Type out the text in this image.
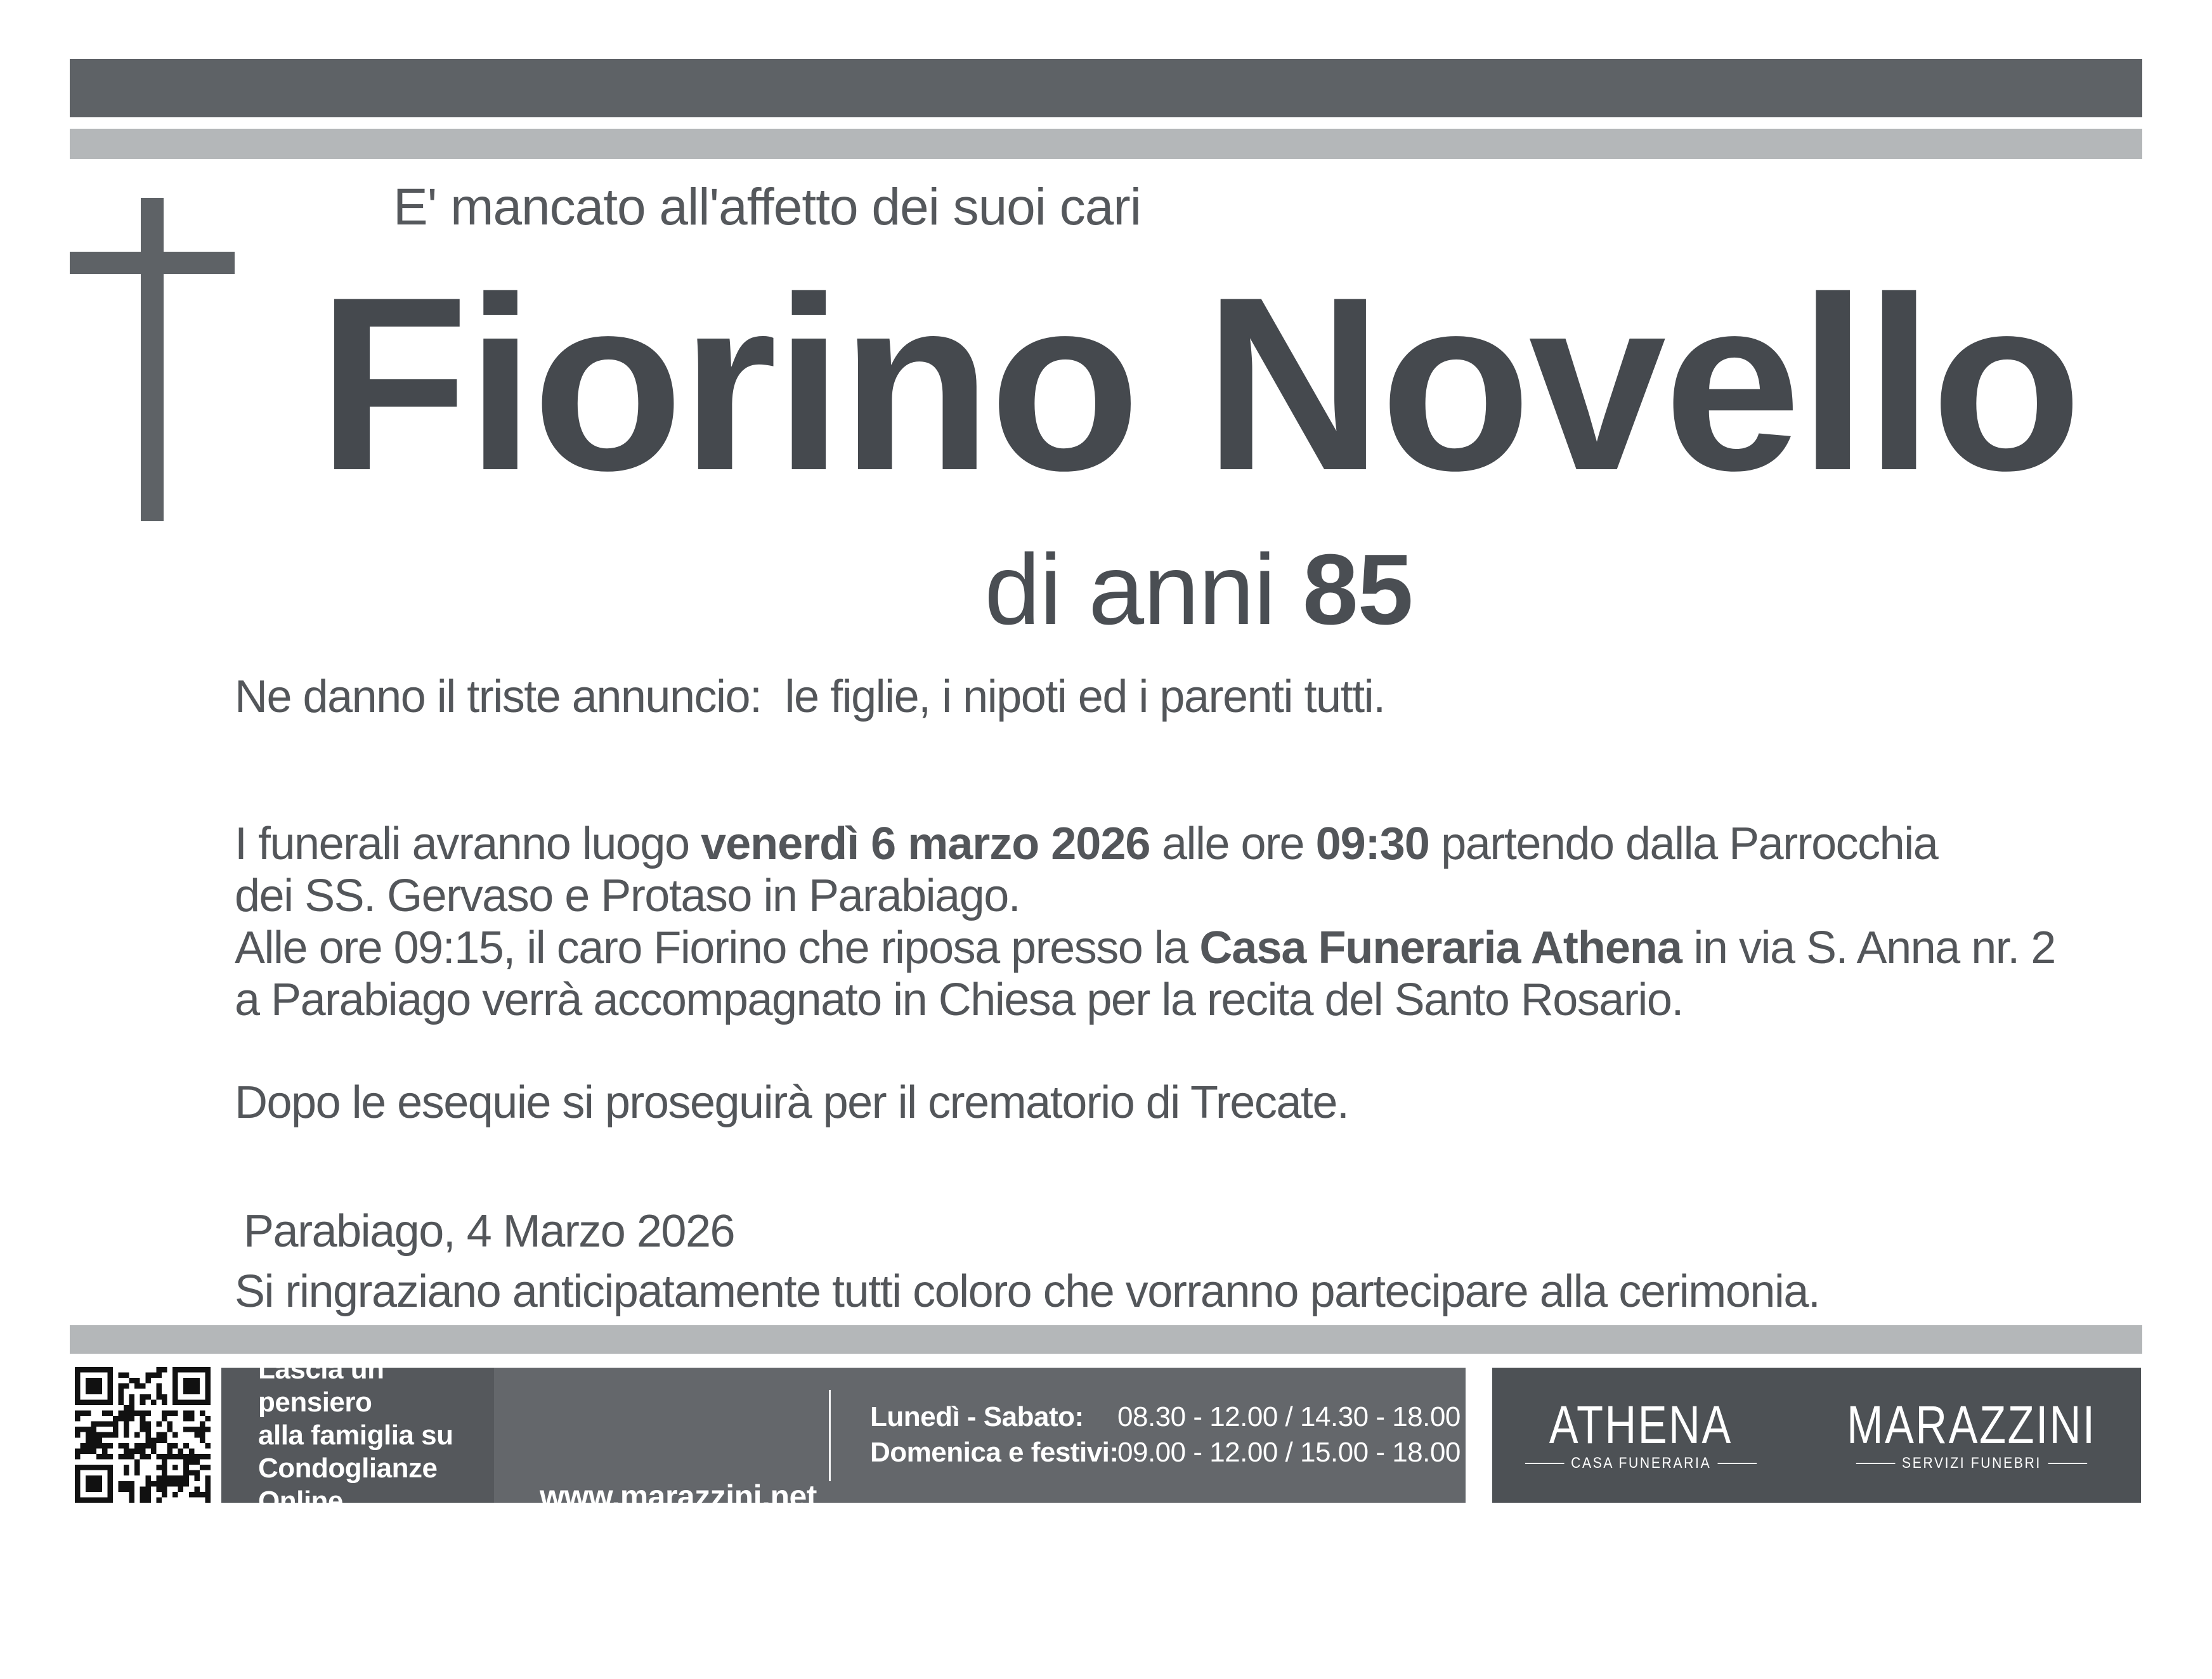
E' mancato all'affetto dei suoi cari
Fiorino Novello
di anni 85
Ne danno il triste annuncio:  le figlie, i nipoti ed i parenti tutti.
I funerali avranno luogo venerdì 6 marzo 2026 alle ore 09:30 partendo dalla Parrocchia
dei SS. Gervaso e Protaso in Parabiago.
Alle ore 09:15, il caro Fiorino che riposa presso la Casa Funeraria Athena in via S. Anna nr. 2
a Parabiago verrà accompagnato in Chiesa per la recita del Santo Rosario.
Dopo le esequie si proseguirà per il crematorio di Trecate.
Parabiago, 4 Marzo 2026
Si ringraziano anticipatamente tutti coloro che vorranno partecipare alla cerimonia.
Lascia un pensiero
alla famiglia su
Condoglianze
Online

	www.marazzini.net

Tel. 0331 551640 24h

Lunedì - Sabato:	08.30 - 12.00 / 14.30 - 18.00
Domenica e festivi:
09.00 - 12.00 / 15.00 - 18.00 ATHENA
CASA FUNERARIA
MARAZZINI
SERVIZI FUNEBRI
